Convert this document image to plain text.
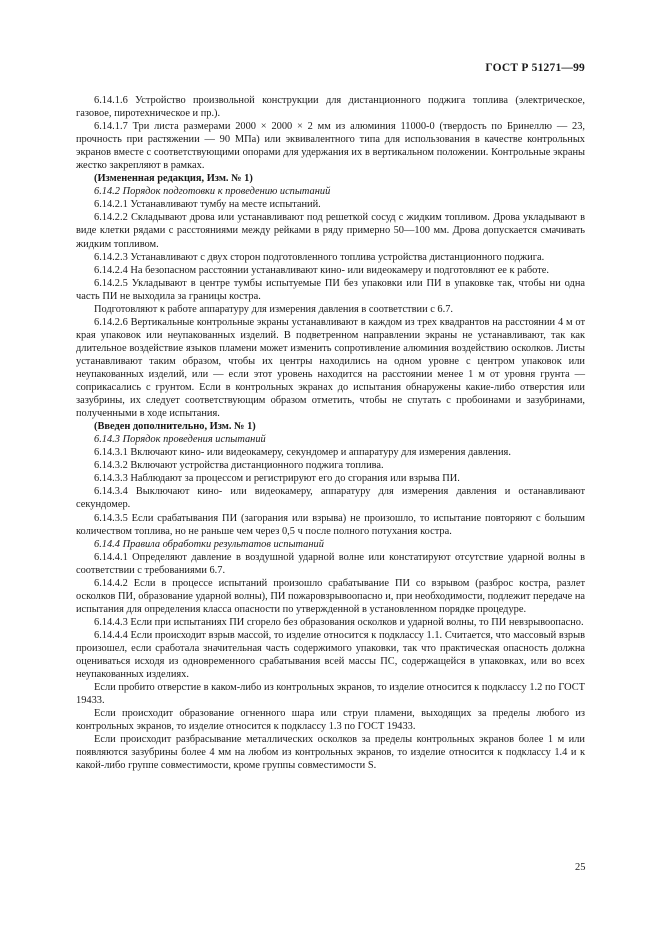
ГОСТ Р 51271—99

6.14.1.6 Устройство произвольной конструкции для дистанционного поджига топлива (электрическое, газовое, пиротехническое и пр.).

6.14.1.7 Три листа размерами 2000 × 2000 × 2 мм из алюминия 11000-0 (твердость по Бринеллю — 23, прочность при растяжении — 90 МПа) или эквивалентного типа для использования в качестве контрольных экранов вместе с соответствующими опорами для удержания их в вертикальном положении. Контрольные экраны жестко закрепляют в рамках.

(Измененная редакция, Изм. № 1)

6.14.2 Порядок подготовки к проведению испытаний

6.14.2.1 Устанавливают тумбу на месте испытаний.

6.14.2.2 Складывают дрова или устанавливают под решеткой сосуд с жидким топливом. Дрова укладывают в виде клетки рядами с расстояниями между рейками в ряду примерно 50—100 мм. Дрова допускается смачивать жидким топливом.

6.14.2.3 Устанавливают с двух сторон подготовленного топлива устройства дистанционного поджига.

6.14.2.4 На безопасном расстоянии устанавливают кино- или видеокамеру и подготовляют ее к работе.

6.14.2.5 Укладывают в центре тумбы испытуемые ПИ без упаковки или ПИ в упаковке так, чтобы ни одна часть ПИ не выходила за границы костра.

Подготовляют к работе аппаратуру для измерения давления в соответствии с 6.7.

6.14.2.6 Вертикальные контрольные экраны устанавливают в каждом из трех квадрантов на расстоянии 4 м от края упаковок или неупакованных изделий. В подветренном направлении экраны не устанавливают, так как длительное воздействие языков пламени может изменить сопротивление алюминия воздействию осколков. Листы устанавливают таким образом, чтобы их центры находились на одном уровне с центром упаковок или неупакованных изделий, или — если этот уровень находится на расстоянии менее 1 м от уровня грунта — соприкасались с грунтом. Если в контрольных экранах до испытания обнаружены какие-либо отверстия или зазубрины, их следует соответствующим образом отметить, чтобы не спутать с пробоинами и зазубринами, полученными в ходе испытания.

(Введен дополнительно, Изм. № 1)

6.14.3 Порядок проведения испытаний

6.14.3.1 Включают кино- или видеокамеру, секундомер и аппаратуру для измерения давления.

6.14.3.2 Включают устройства дистанционного поджига топлива.

6.14.3.3 Наблюдают за процессом и регистрируют его до сгорания или взрыва ПИ.

6.14.3.4 Выключают кино- или видеокамеру, аппаратуру для измерения давления и останавливают секундомер.

6.14.3.5 Если срабатывания ПИ (загорания или взрыва) не произошло, то испытание повторяют с большим количеством топлива, но не раньше чем через 0,5 ч после полного потухания костра.

6.14.4 Правила обработки результатов испытаний

6.14.4.1 Определяют давление в воздушной ударной волне или констатируют отсутствие ударной волны в соответствии с требованиями 6.7.

6.14.4.2 Если в процессе испытаний произошло срабатывание ПИ со взрывом (разброс костра, разлет осколков ПИ, образование ударной волны), ПИ пожаровзрывоопасно и, при необходимости, подлежит передаче на испытания для определения класса опасности по утвержденной в установленном порядке процедуре.

6.14.4.3 Если при испытаниях ПИ сгорело без образования осколков и ударной волны, то ПИ невзрывоопасно.

6.14.4.4 Если происходит взрыв массой, то изделие относится к подклассу 1.1. Считается, что массовый взрыв произошел, если сработала значительная часть содержимого упаковки, так что практическая опасность должна оцениваться исходя из одновременного срабатывания всей массы ПС, содержащейся в упаковках, или во всех неупакованных изделиях.

Если пробито отверстие в каком-либо из контрольных экранов, то изделие относится к подклассу 1.2 по ГОСТ 19433.

Если происходит образование огненного шара или струи пламени, выходящих за пределы любого из контрольных экранов, то изделие относится к подклассу 1.3 по ГОСТ 19433.

Если происходит разбрасывание металлических осколков за пределы контрольных экранов более 1 м или появляются зазубрины более 4 мм на любом из контрольных экранов, то изделие относится к подклассу 1.4 и к какой-либо группе совместимости, кроме группы совместимости S.

25
